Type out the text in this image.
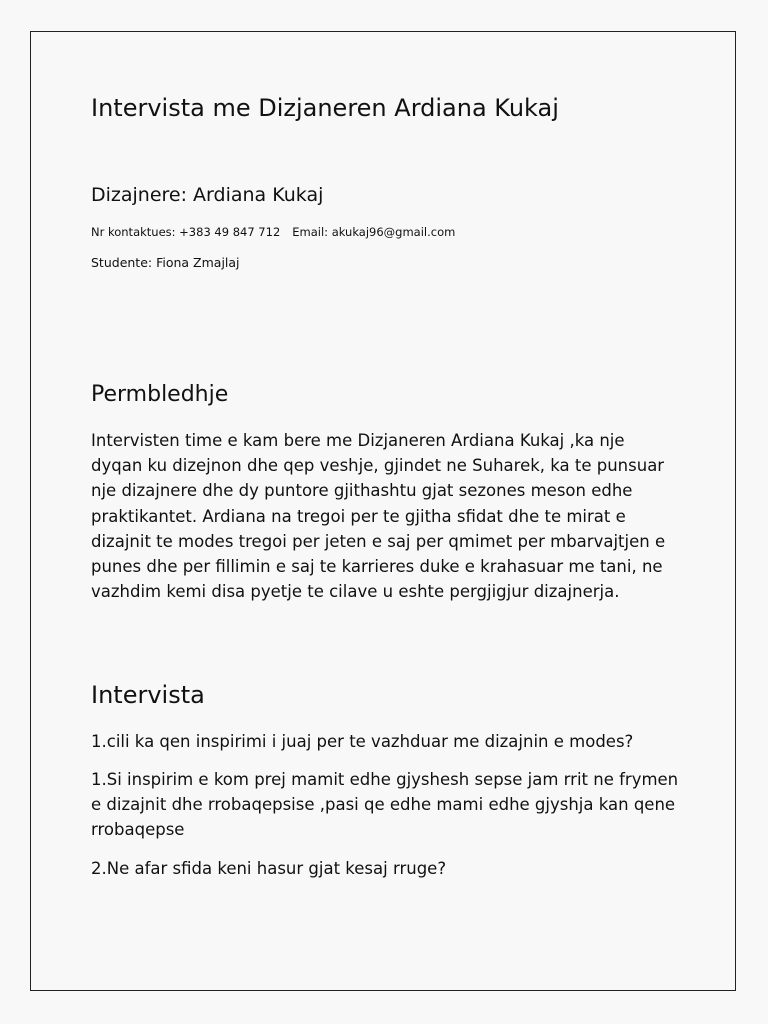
Intervista me Dizjaneren Ardiana Kukaj
Dizajnere: Ardiana Kukaj
Nr kontaktues: +383 49 847 712 Email: akukaj96@gmail.com
Studente: Fiona Zmajlaj
Permbledhje

Intervisten time e kam bere me Dizjaneren Ardiana Kukaj ,ka nje dyqan ku dizejnon dhe qep veshje, gjindet ne Suharek, ka te punsuar nje dizajnere dhe dy puntore gjithashtu gjat sezones meson edhe praktikantet. Ardiana na tregoi per te gjitha sfidat dhe te mirat e dizajnit te modes tregoi per jeten e saj per qmimet per mbarvajtjen e punes dhe per fillimin e saj te karrieres duke e krahasuar me tani, ne vazhdim kemi disa pyetje te cilave u eshte pergjigjur dizajnerja.

Intervista

1.cili ka qen inspirimi i juaj per te vazhduar me dizajnin e modes?

1.Si inspirim e kom prej mamit edhe gjyshesh sepse jam rrit ne frymen e dizajnit dhe rrobaqepsise ,pasi qe edhe mami edhe gjyshja kan qene rrobaqepse

2.Ne afar sfida keni hasur gjat kesaj rruge?
